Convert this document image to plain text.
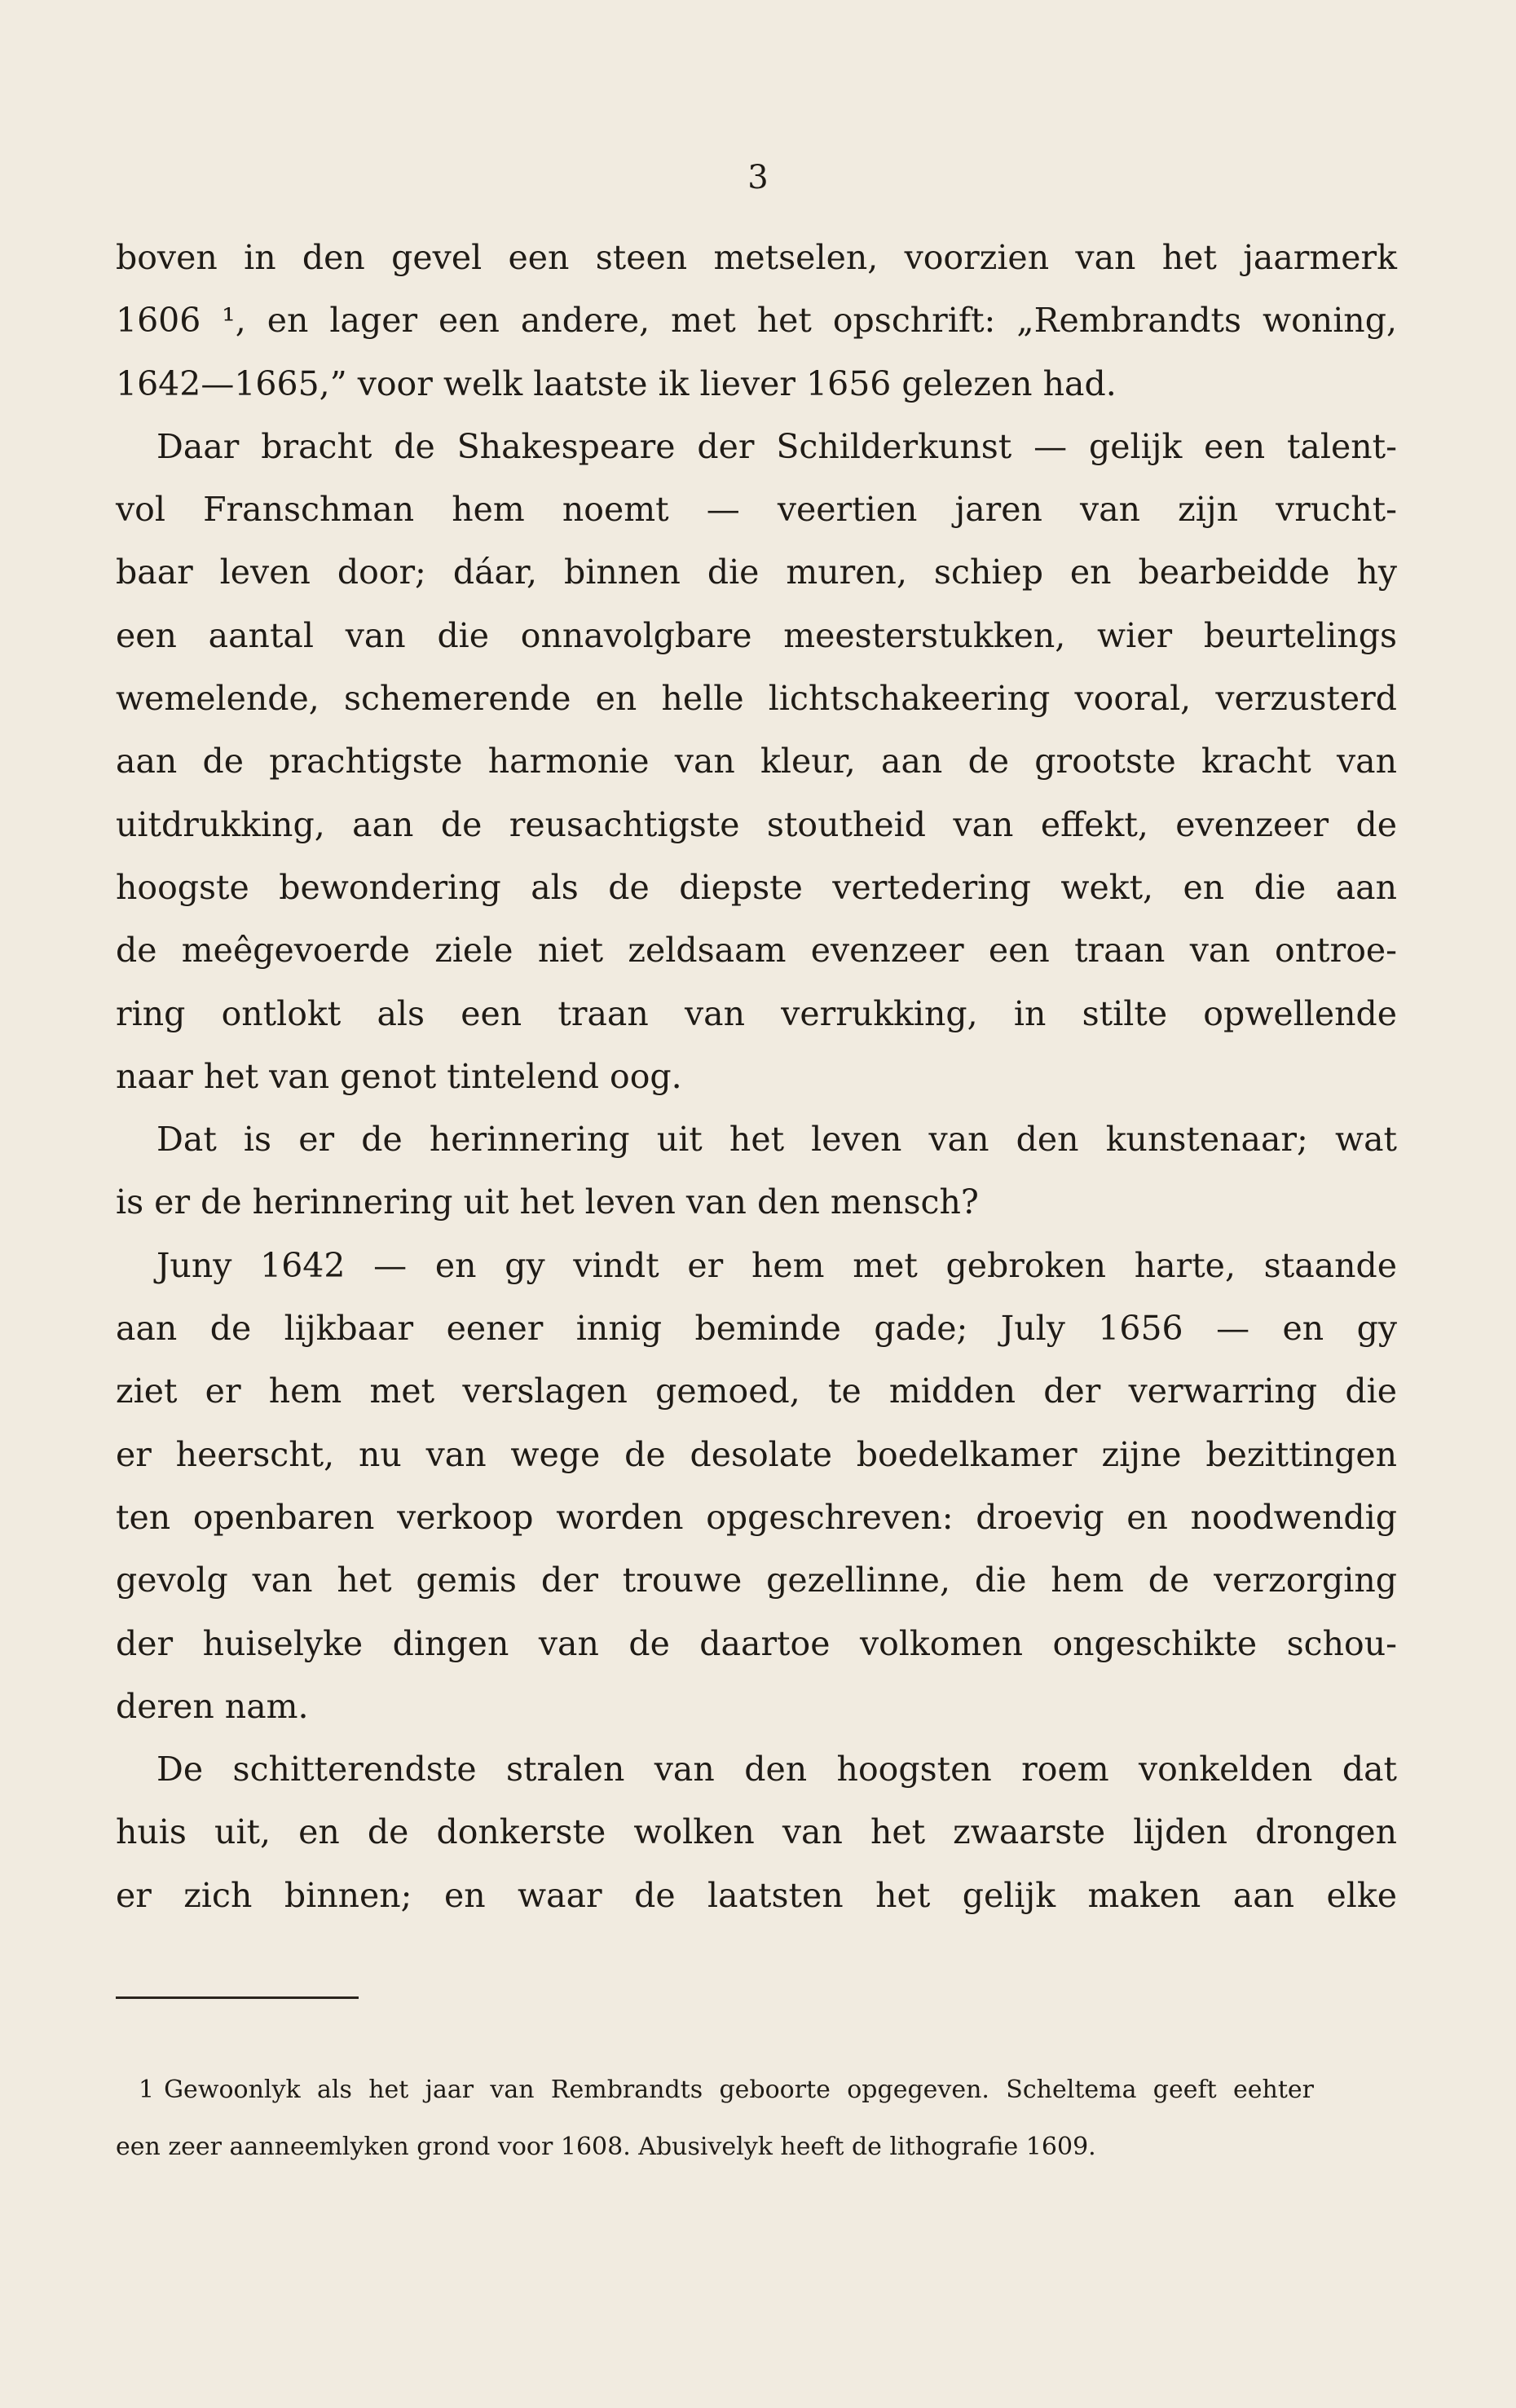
3
boven in den gevel een steen metselen, voorzien van het jaarmerk
1606 ¹, en lager een andere, met het opschrift: „Rembrandts woning,
1642—1665,” voor welk laatste ik liever 1656 gelezen had.
Daar bracht de Shakespeare der Schilderkunst — gelijk een talent-
vol Franschman hem noemt — veertien jaren van zijn vrucht-
baar leven door; dáar, binnen die muren, schiep en bearbeidde hy
een aantal van die onnavolgbare meesterstukken, wier beurtelings
wemelende, schemerende en helle lichtschakeering vooral, verzusterd
aan de prachtigste harmonie van kleur, aan de grootste kracht van
uitdrukking, aan de reusachtigste stoutheid van effekt, evenzeer de
hoogste bewondering als de diepste vertedering wekt, en die aan
de meêgevoerde ziele niet zeldsaam evenzeer een traan van ontroe-
ring ontlokt als een traan van verrukking, in stilte opwellende
naar het van genot tintelend oog.
Dat is er de herinnering uit het leven van den kunstenaar; wat
is er de herinnering uit het leven van den mensch?
Juny 1642 — en gy vindt er hem met gebroken harte, staande
aan de lijkbaar eener innig beminde gade; July 1656 — en gy
ziet er hem met verslagen gemoed, te midden der verwarring die
er heerscht, nu van wege de desolate boedelkamer zijne bezittingen
ten openbaren verkoop worden opgeschreven: droevig en noodwendig
gevolg van het gemis der trouwe gezellinne, die hem de verzorging
der huiselyke dingen van de daartoe volkomen ongeschikte schou-
deren nam.
De schitterendste stralen van den hoogsten roem vonkelden dat
huis uit, en de donkerste wolken van het zwaarste lijden drongen
er zich binnen; en waar de laatsten het gelijk maken aan elke
1 Gewoonlyk als het jaar van Rembrandts geboorte opgegeven. Scheltema geeft eehter
een zeer aanneemlyken grond voor 1608. Abusivelyk heeft de lithografie 1609.
